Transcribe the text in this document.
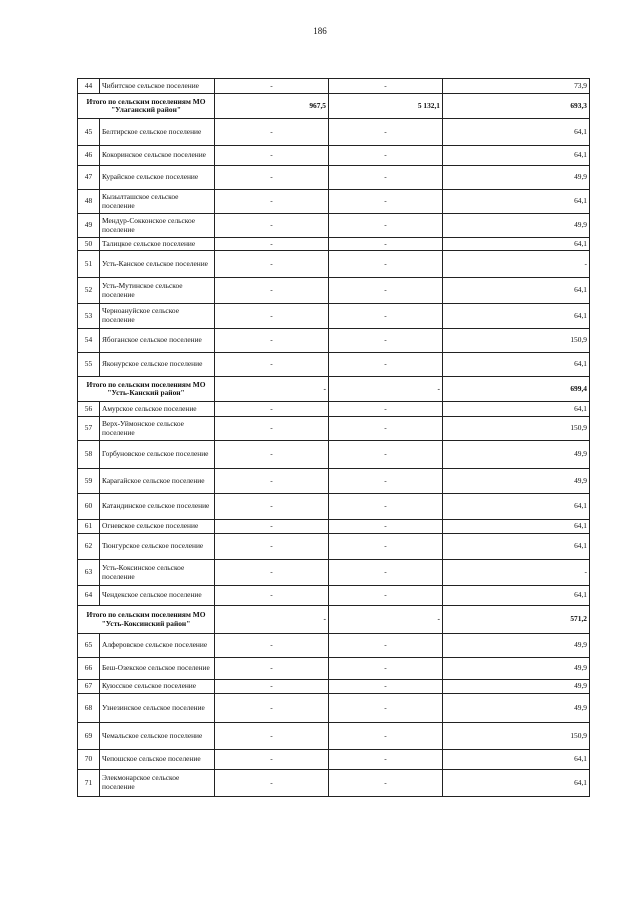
186
44	Чибитское сельское поселение	-	-	73,9
Итого по сельским поселениям МО "Улаганский район"		967,5	5 132,1	693,3
45	Белтирское сельское поселение	-	-	64,1
46	Кокоринское сельское поселение	-	-	64,1
47	Курайское сельское поселение	-	-	49,9
48	Кызылташское сельское поселение	-	-	64,1
49	Мендур-Сокконское сельское поселение	-	-	49,9
50	Талицкое сельское поселение	-	-	64,1
51	Усть-Канское сельское поселение	-	-	-
52	Усть-Мутинское сельское поселение	-	-	64,1
53	Черноануйское сельское поселение	-	-	64,1
54	Ябоганское сельское поселение	-	-	150,9
55	Яконурское сельское поселение	-	-	64,1
Итого по сельским поселениям МО "Усть-Канский район"		-	-	699,4
56	Амурское сельское поселение	-	-	64,1
57	Верх-Уймонское сельское поселение	-	-	150,9
58	Горбуновское сельское поселение	-	-	49,9
59	Карагайское сельское поселение	-	-	49,9
60	Катандинское сельское поселение	-	-	64,1
61	Огневское сельское поселение	-	-	64,1
62	Тюнгурское сельское поселение	-	-	64,1
63	Усть-Коксинское сельское поселение	-	-	-
64	Чендекское сельское поселение	-	-	64,1
Итого по сельским поселениям МО "Усть-Коксинский район"		-	-	571,2
65	Алферовское сельское поселение	-	-	49,9
66	Беш-Озекское сельское поселение	-	-	49,9
67	Куюсское сельское поселение	-	-	49,9
68	Узнезинское сельское поселение	-	-	49,9
69	Чемальское сельское поселение	-	-	150,9
70	Чепошское сельское поселение	-	-	64,1
71	Элекмонарское сельское поселение	-	-	64,1
